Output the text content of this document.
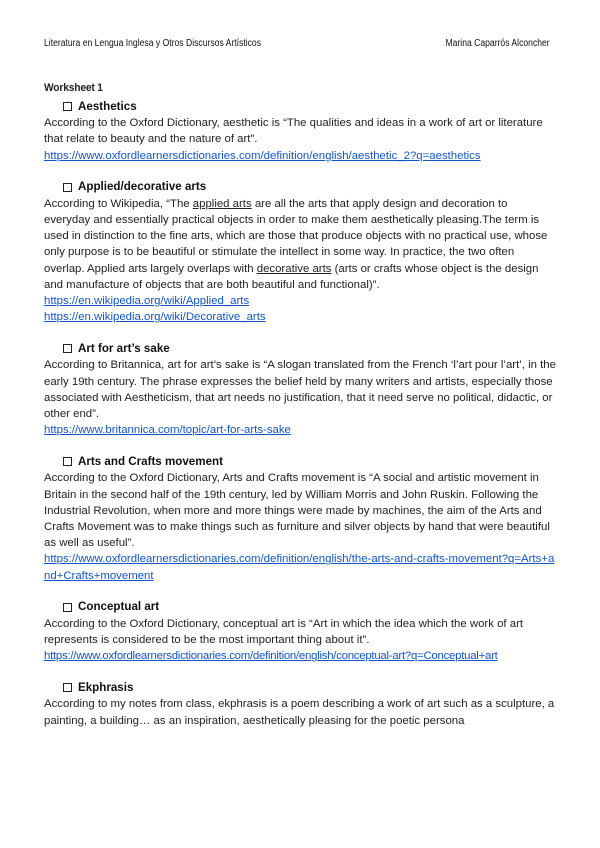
Literatura en Lengua Inglesa y Otros Discursos Artísticos	Marina Caparrós Alconcher
Worksheet 1
Aesthetics

According to the Oxford Dictionary, aesthetic is “The qualities and ideas in a work of art or literature that relate to beauty and the nature of art”.

https://www.oxfordlearnersdictionaries.com/definition/english/aesthetic_2?q=aesthetics
Applied/decorative arts

According to Wikipedia, “The applied arts are all the arts that apply design and decoration to everyday and essentially practical objects in order to make them aesthetically pleasing.The term is used in distinction to the fine arts, which are those that produce objects with no practical use, whose only purpose is to be beautiful or stimulate the intellect in some way. In practice, the two often overlap. Applied arts largely overlaps with decorative arts (arts or crafts whose object is the design and manufacture of objects that are both beautiful and functional)”.

https://en.wikipedia.org/wiki/Applied_arts
https://en.wikipedia.org/wiki/Decorative_arts
Art for art’s sake

According to Britannica, art for art’s sake is “A slogan translated from the French ‘l’art pour l’art’, in the early 19th century. The phrase expresses the belief held by many writers and artists, especially those associated with Aestheticism, that art needs no justification, that it need serve no political, didactic, or other end”.

https://www.britannica.com/topic/art-for-arts-sake
Arts and Crafts movement

According to the Oxford Dictionary, Arts and Crafts movement is “A social and artistic movement in Britain in the second half of the 19th century, led by William Morris and John Ruskin. Following the Industrial Revolution, when more and more things were made by machines, the aim of the Arts and Crafts Movement was to make things such as furniture and silver objects by hand that were beautiful as well as useful”.

https://www.oxfordlearnersdictionaries.com/definition/english/the-arts-and-crafts-movement?q=Arts+and+Crafts+movement
Conceptual art

According to the Oxford Dictionary, conceptual art is “Art in which the idea which the work of art represents is considered to be the most important thing about it”.

https://www.oxfordlearnersdictionaries.com/definition/english/conceptual-art?q=Conceptual+art
Ekphrasis

According to my notes from class, ekphrasis is a poem describing a work of art such as a sculpture, a painting, a building… as an inspiration, aesthetically pleasing for the poetic persona
